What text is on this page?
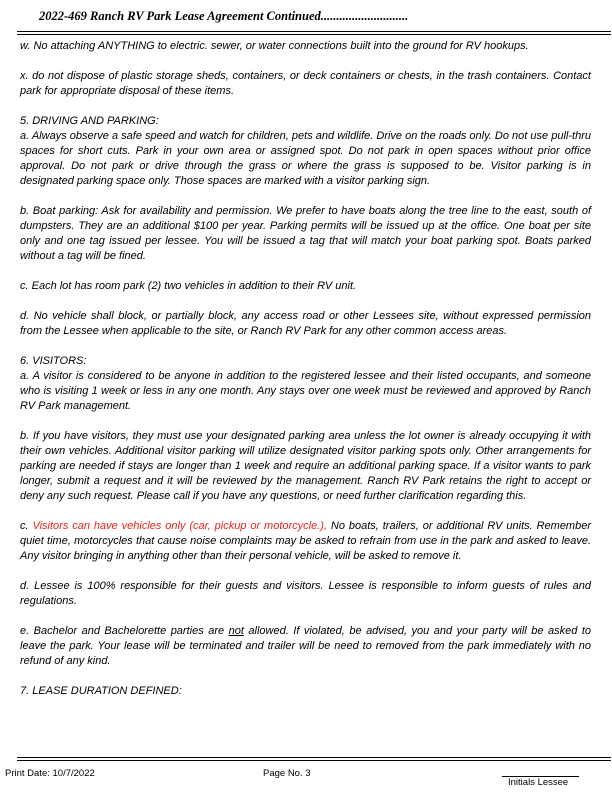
2022-469 Ranch RV Park Lease Agreement Continued............................

w. No attaching ANYTHING to electric. sewer, or water connections built into the ground for RV hookups.

x. do not dispose of plastic storage sheds, containers, or deck containers or chests, in the trash containers. Contact park for appropriate disposal of these items.

5. DRIVING AND PARKING:

a. Always observe a safe speed and watch for children, pets and wildlife. Drive on the roads only. Do not use pull-thru spaces for short cuts. Park in your own area or assigned spot. Do not park in open spaces without prior office approval. Do not park or drive through the grass or where the grass is supposed to be. Visitor parking is in designated parking space only. Those spaces are marked with a visitor parking sign.

b. Boat parking: Ask for availability and permission. We prefer to have boats along the tree line to the east, south of dumpsters. They are an additional $100 per year. Parking permits will be issued up at the office. One boat per site only and one tag issued per lessee. You will be issued a tag that will match your boat parking spot. Boats parked without a tag will be fined.

c. Each lot has room park (2) two vehicles in addition to their RV unit.

d. No vehicle shall block, or partially block, any access road or other Lessees site, without expressed permission from the Lessee when applicable to the site, or Ranch RV Park for any other common access areas.

6. VISITORS:

a. A visitor is considered to be anyone in addition to the registered lessee and their listed occupants, and someone who is visiting 1 week or less in any one month. Any stays over one week must be reviewed and approved by Ranch RV Park management.

b. If you have visitors, they must use your designated parking area unless the lot owner is already occupying it with their own vehicles. Additional visitor parking will utilize designated visitor parking spots only. Other arrangements for parking are needed if stays are longer than 1 week and require an additional parking space. If a visitor wants to park longer, submit a request and it will be reviewed by the management. Ranch RV Park retains the right to accept or deny any such request. Please call if you have any questions, or need further clarification regarding this.

c. Visitors can have vehicles only (car, pickup or motorcycle.), No boats, trailers, or additional RV units. Remember quiet time, motorcycles that cause noise complaints may be asked to refrain from use in the park and asked to leave. Any visitor bringing in anything other than their personal vehicle, will be asked to remove it.

d. Lessee is 100% responsible for their guests and visitors. Lessee is responsible to inform guests of rules and regulations.

e. Bachelor and Bachelorette parties are not allowed. If violated, be advised, you and your party will be asked to leave the park. Your lease will be terminated and trailer will be need to removed from the park immediately with no refund of any kind.

7. LEASE DURATION DEFINED:

Print Date: 10/7/2022	Page No. 3
Initials Lessee
